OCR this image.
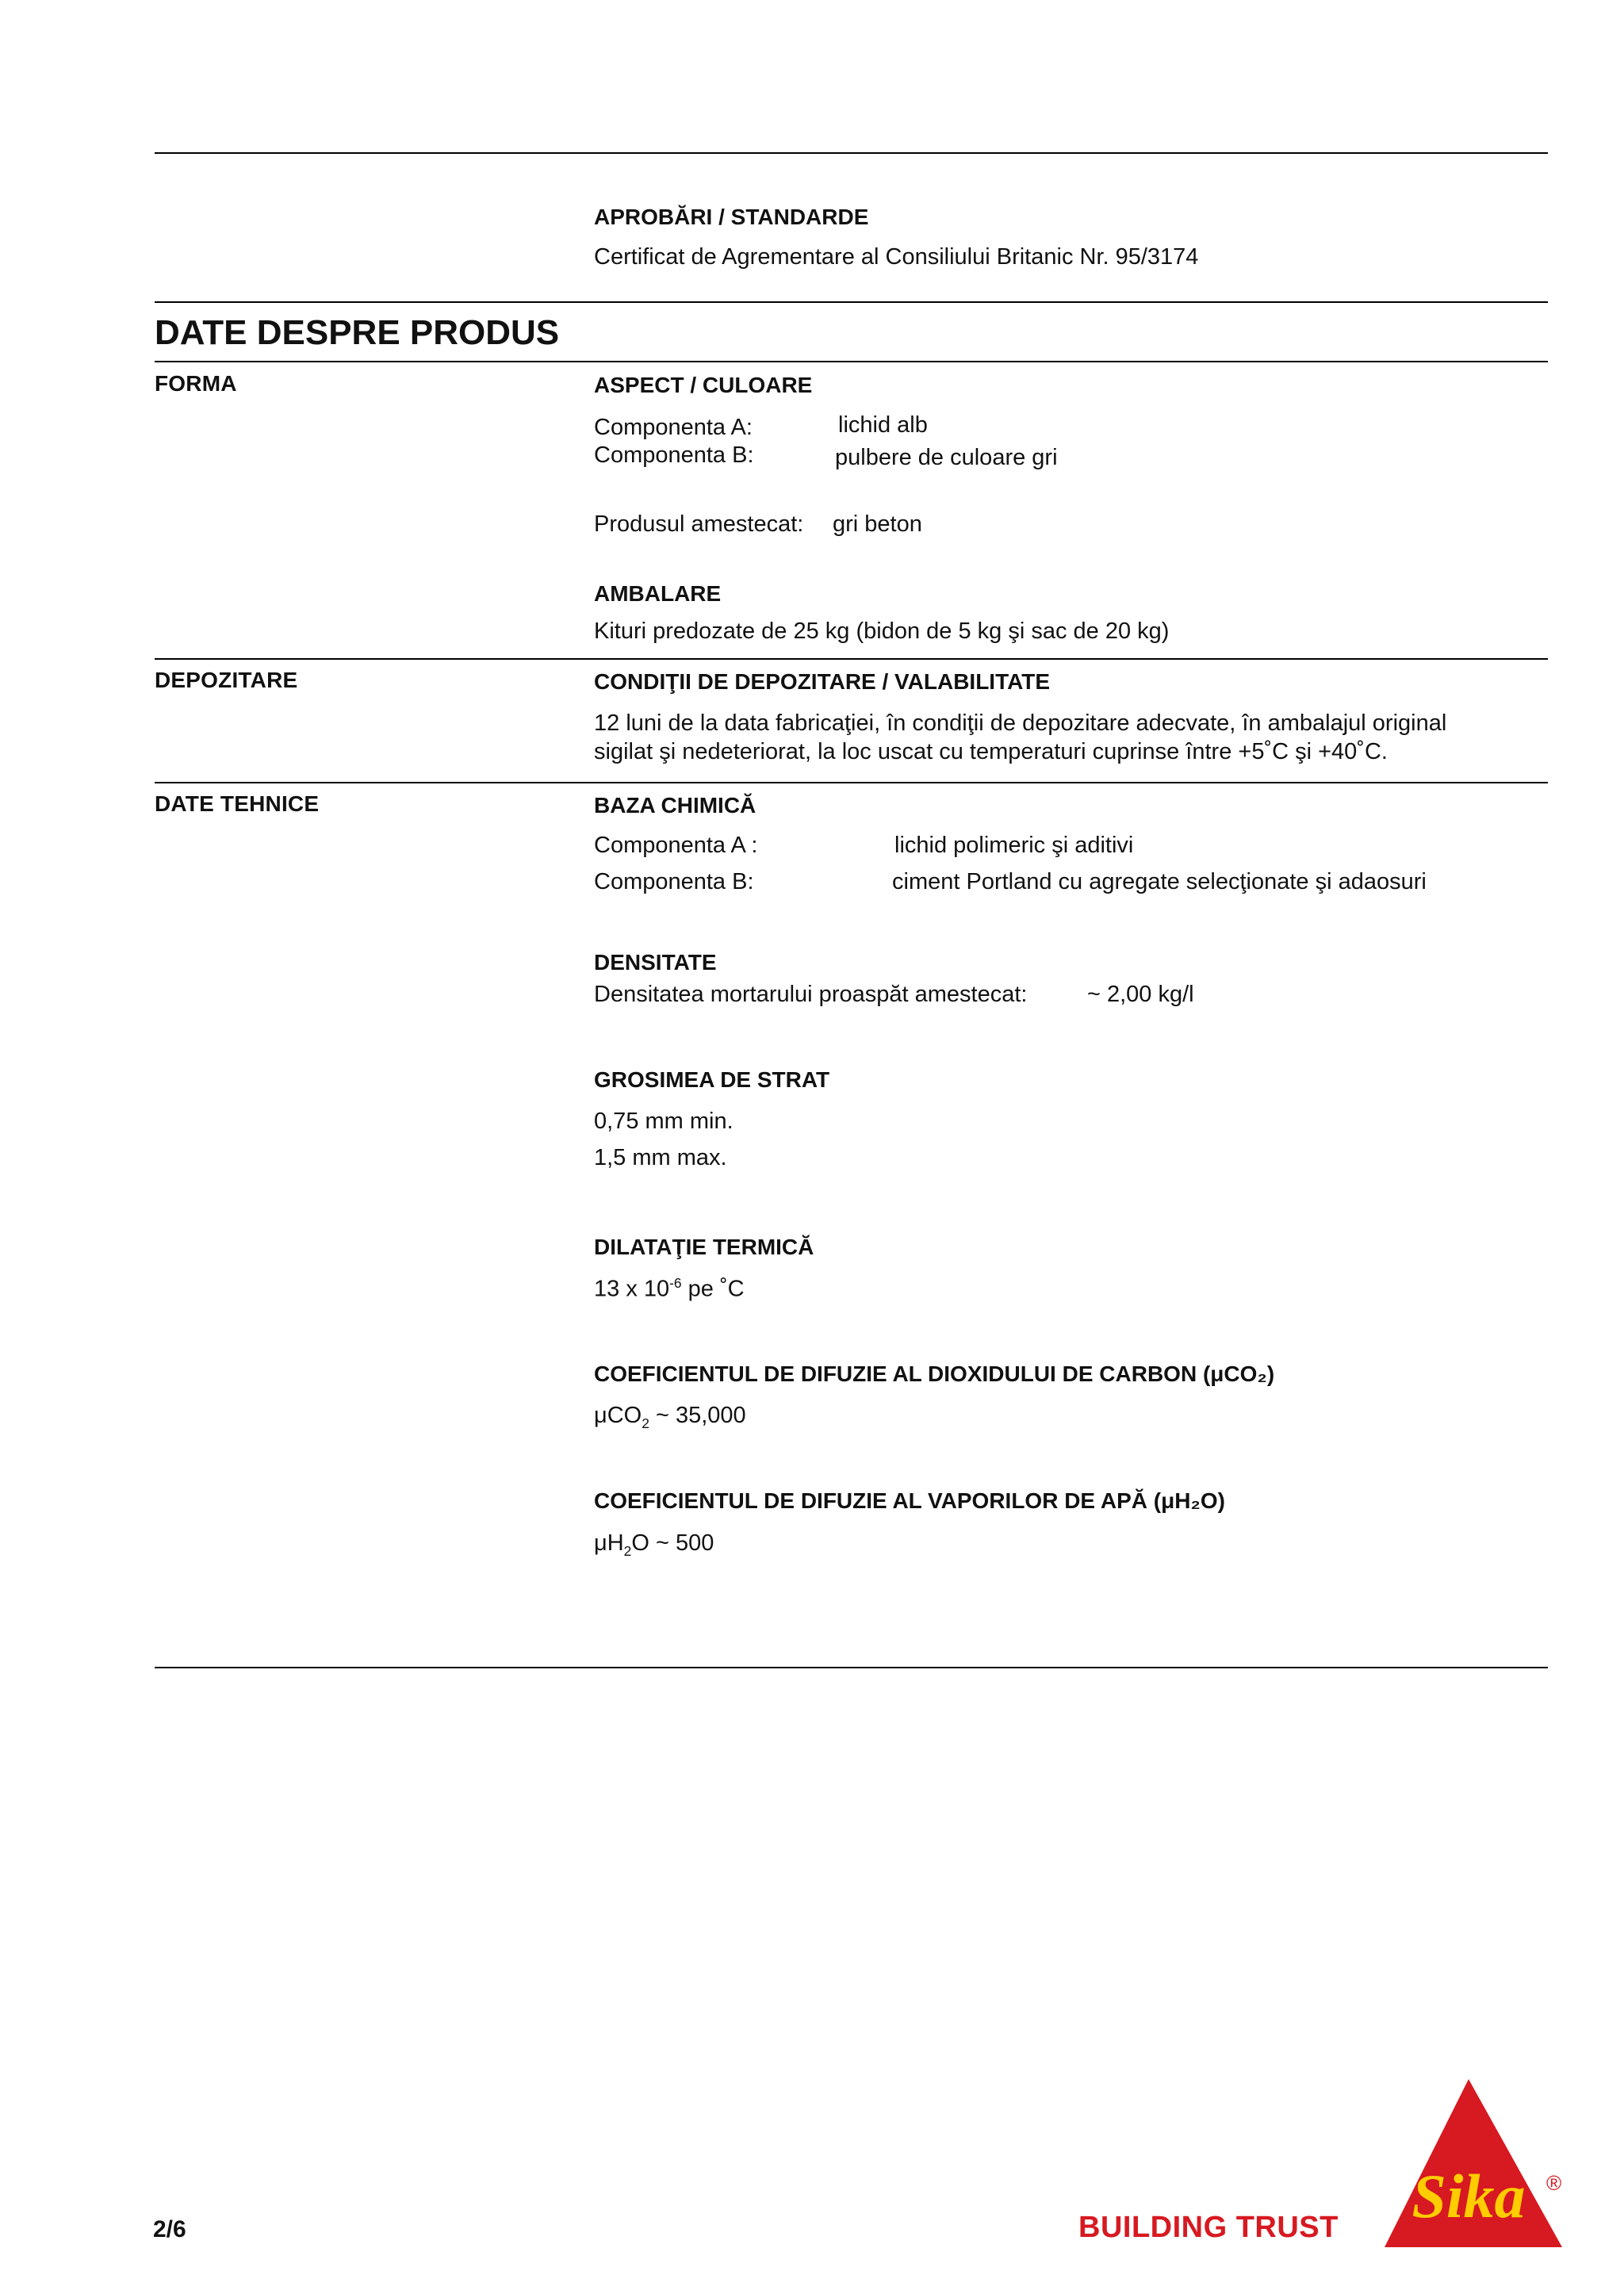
APROBĂRI / STANDARDE
Certificat de Agrementare al Consiliului Britanic Nr. 95/3174
DATE DESPRE PRODUS
FORMA	ASPECT / CULOARE
Componenta A:	lichid alb
Componenta B:	pulbere de culoare gri
Produsul amestecat: gri beton
AMBALARE
Kituri predozate de 25 kg (bidon de 5 kg şi sac de 20 kg)
DEPOZITARE	CONDIŢII DE DEPOZITARE / VALABILITATE
12 luni de la data fabricaţiei, în condiţii de depozitare adecvate, în ambalajul original
sigilat şi nedeteriorat, la loc uscat cu temperaturi cuprinse între +5˚C şi +40˚C.
DATE TEHNICE	BAZA CHIMICĂ
Componenta A :	lichid polimeric şi aditivi
Componenta B:	ciment Portland cu agregate selecţionate şi adaosuri
DENSITATE
Densitatea mortarului proaspăt amestecat:	~ 2,00 kg/l
GROSIMEA DE STRAT
0,75 mm min.
1,5 mm max.
DILATAŢIE TERMICĂ
13 x $10^{-6}$ pe ˚C
COEFICIENTUL DE DIFUZIE AL DIOXIDULUI DE CARBON (μCO₂)
μCO$_2$ ~ 35,000
COEFICIENTUL DE DIFUZIE AL VAPORILOR DE APĂ (μH₂O)
$\mu H_2O$ ~ 500
2/6	BUILDING TRUST Sika ®
